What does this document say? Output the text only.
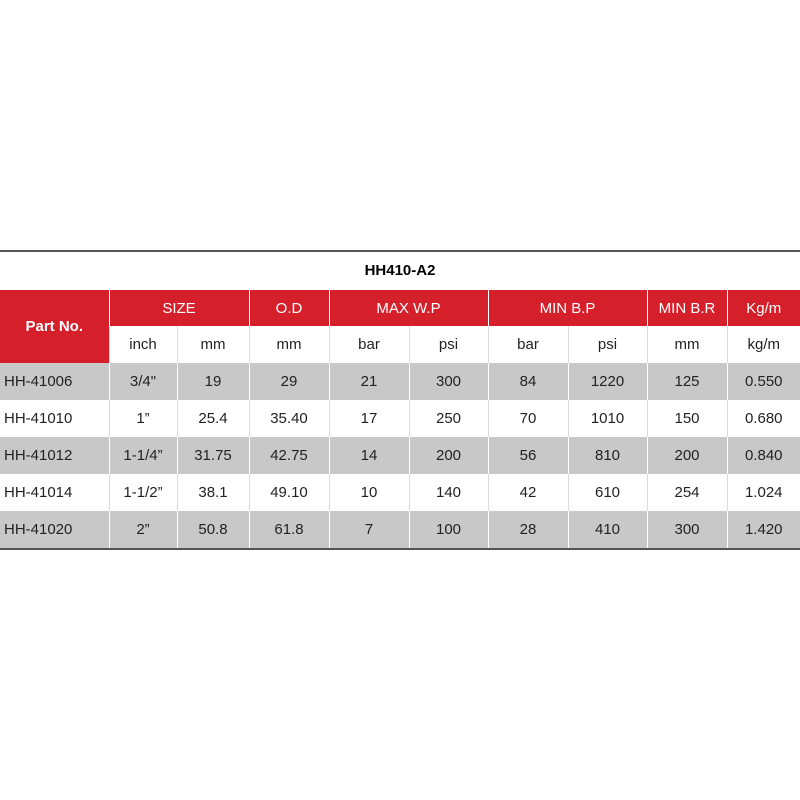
HH410-A2
Part No.	SIZE		O.D	MAX W.P		MIN B.P		MIN B.R	Kg/m
	inch	mm	mm	bar	psi	bar	psi	mm	kg/m
HH-41006	3/4"	19	29	21	300	84	1220	125	0.550
HH-41010	1”	25.4	35.40	17	250	70	1010	150	0.680
HH-41012	1-1/4”	31.75	42.75	14	200	56	810	200	0.840
HH-41014	1-1/2”	38.1	49.10	10	140	42	610	254	1.024
HH-41020	2”	50.8	61.8	7	100	28	410	300	1.420
